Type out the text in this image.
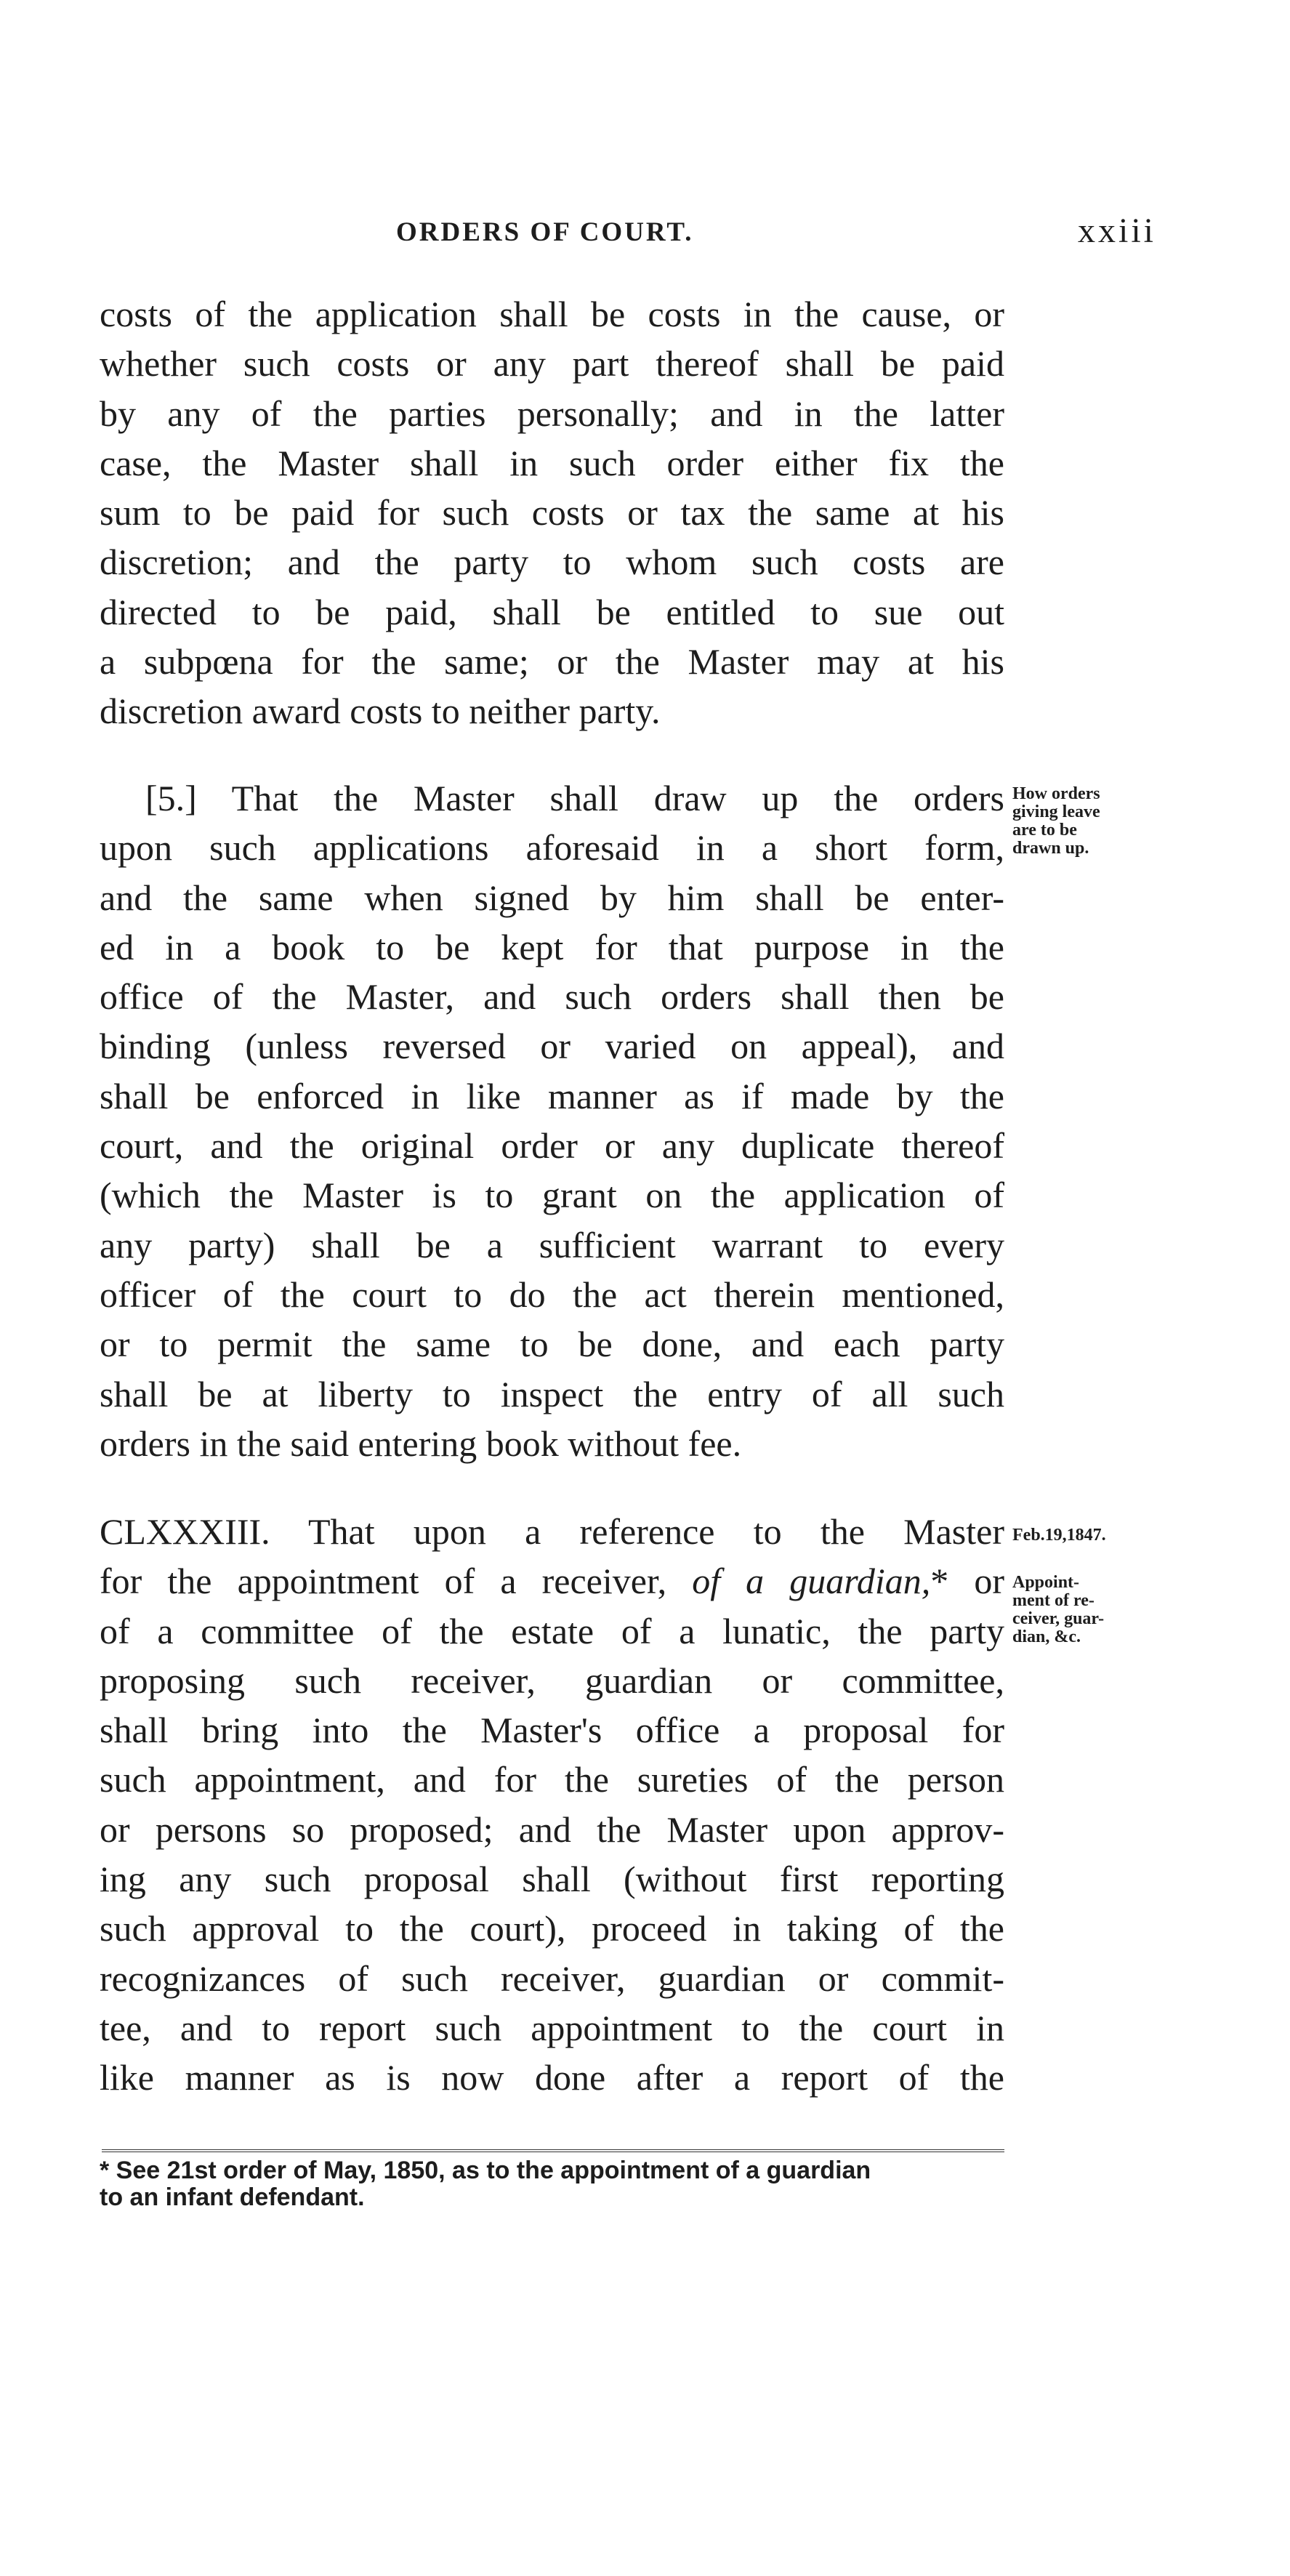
ORDERS OF COURT.	xxiii
costs of the application shall be costs in the cause, or
whether such costs or any part thereof shall be paid
by any of the parties personally; and in the latter
case, the Master shall in such order either fix the
sum to be paid for such costs or tax the same at his
discretion; and the party to whom such costs are
directed to be paid, shall be entitled to sue out
a subpœna for the same; or the Master may at his
discretion award costs to neither party.
[5.] That the Master shall draw up the orders
upon such applications aforesaid in a short form,
and the same when signed by him shall be enter-
ed in a book to be kept for that purpose in the
office of the Master, and such orders shall then be
binding (unless reversed or varied on appeal), and
shall be enforced in like manner as if made by the
court, and the original order or any duplicate thereof
(which the Master is to grant on the application of
any party) shall be a sufficient warrant to every
officer of the court to do the act therein mentioned,
or to permit the same to be done, and each party
shall be at liberty to inspect the entry of all such
orders in the said entering book without fee.
CLXXXIII. That upon a reference to the Master
for the appointment of a receiver, of a guardian,* or
of a committee of the estate of a lunatic, the party
proposing such receiver, guardian or committee,
shall bring into the Master's office a proposal for
such appointment, and for the sureties of the person
or persons so proposed; and the Master upon approv-
ing any such proposal shall (without first reporting
such approval to the court), proceed in taking of the
recognizances of such receiver, guardian or commit-
tee, and to report such appointment to the court in
like manner as is now done after a report of the
How orders
giving leave
are to be
drawn up.
Feb.19,1847.
Appoint-
ment of re-
ceiver, guar-
dian, &c.
* See 21st order of May, 1850, as to the appointment of a guardian
to an infant defendant.
